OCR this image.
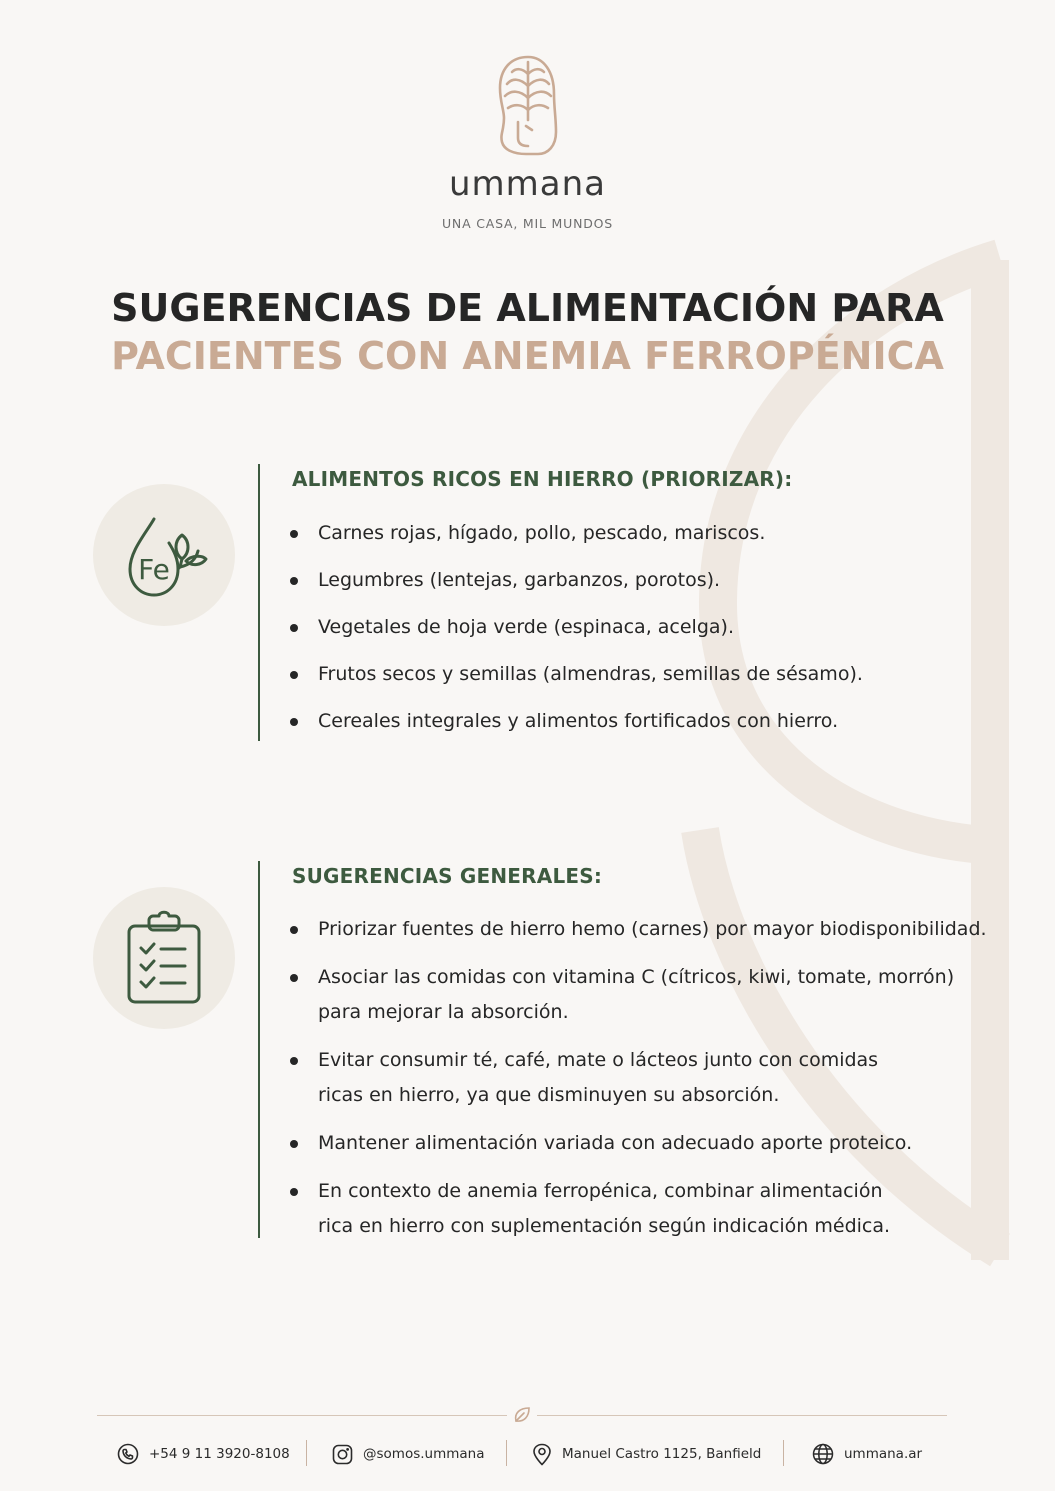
ummana
UNA CASA, MIL MUNDOS
SUGERENCIAS DE ALIMENTACIÓN PARA
PACIENTES CON ANEMIA FERROPÉNICA
Fe
ALIMENTOS RICOS EN HIERRO (PRIORIZAR):
Carnes rojas, hígado, pollo, pescado, mariscos.
Legumbres (lentejas, garbanzos, porotos).
Vegetales de hoja verde (espinaca, acelga).
Frutos secos y semillas (almendras, semillas de sésamo).
Cereales integrales y alimentos fortificados con hierro.
SUGERENCIAS GENERALES:
Priorizar fuentes de hierro hemo (carnes) por mayor biodisponibilidad.
Asociar las comidas con vitamina C (cítricos, kiwi, tomate, morrón)
para mejorar la absorción.
Evitar consumir té, café, mate o lácteos junto con comidas
ricas en hierro, ya que disminuyen su absorción.
Mantener alimentación variada con adecuado aporte proteico.
En contexto de anemia ferropénica, combinar alimentación
rica en hierro con suplementación según indicación médica.
+54 9 11 3920-8108	@somos.ummana	Manuel Castro 1125, Banfield	ummana.ar
